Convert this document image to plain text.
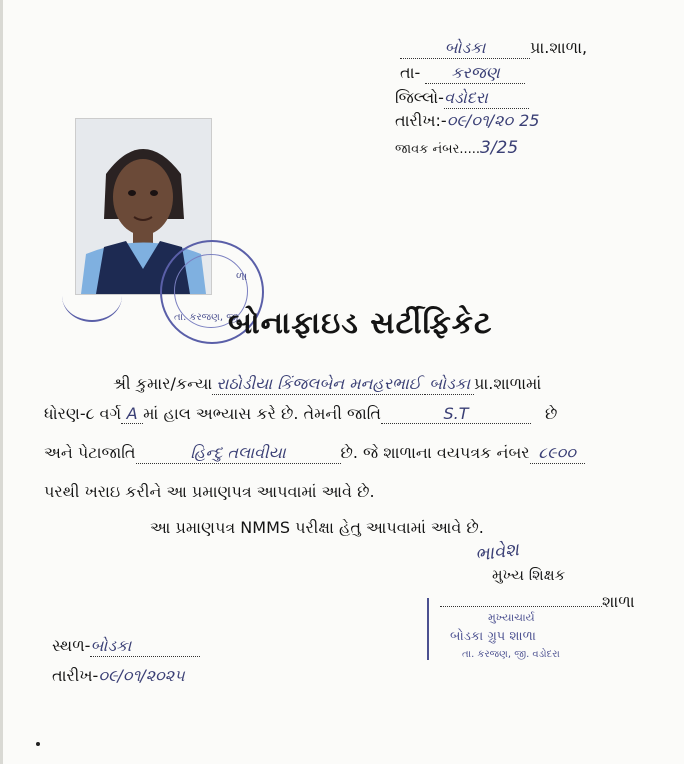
બોડકા	પ્રા.શાળા,
તા- કરજણ
જિલ્લો-વડોદરા
તારીખ:-૦૯/૦૧/૨૦ 25
જાવક નંબર.....3/25
ળા
તા. કરજણ, જી.
બોનાફાઇડ સર્ટીફિકેટ
શ્રી કુમાર/કન્યા રાઠોડીયા કિંજલબેન મનહરભાઈ બોડકા પ્રા.શાળામાં
ધોરણ-૮ વર્ગ A માં હાલ અભ્યાસ કરે છે. તેમની જાતિ	S.T	છે
અને પેટાજાતિ	હિન્દુ તલાવીયા	છે. જે શાળાના વયપત્રક નંબર ૮૯૦૦
પરથી ખરાઇ કરીને આ પ્રમાણપત્ર આપવામાં આવે છે.
આ પ્રમાણપત્ર NMMS પરીક્ષા હેતુ આપવામાં આવે છે.
ભાવેશ
મુખ્ય શિક્ષક
શાળા
મુખ્યાચાર્ય
બોડકા ગ્રુપ શાળા
તા. કરજણ, જી. વડોદરા
સ્થળ-બોડકા
તારીખ-૦૯/૦૧/૨૦૨૫
